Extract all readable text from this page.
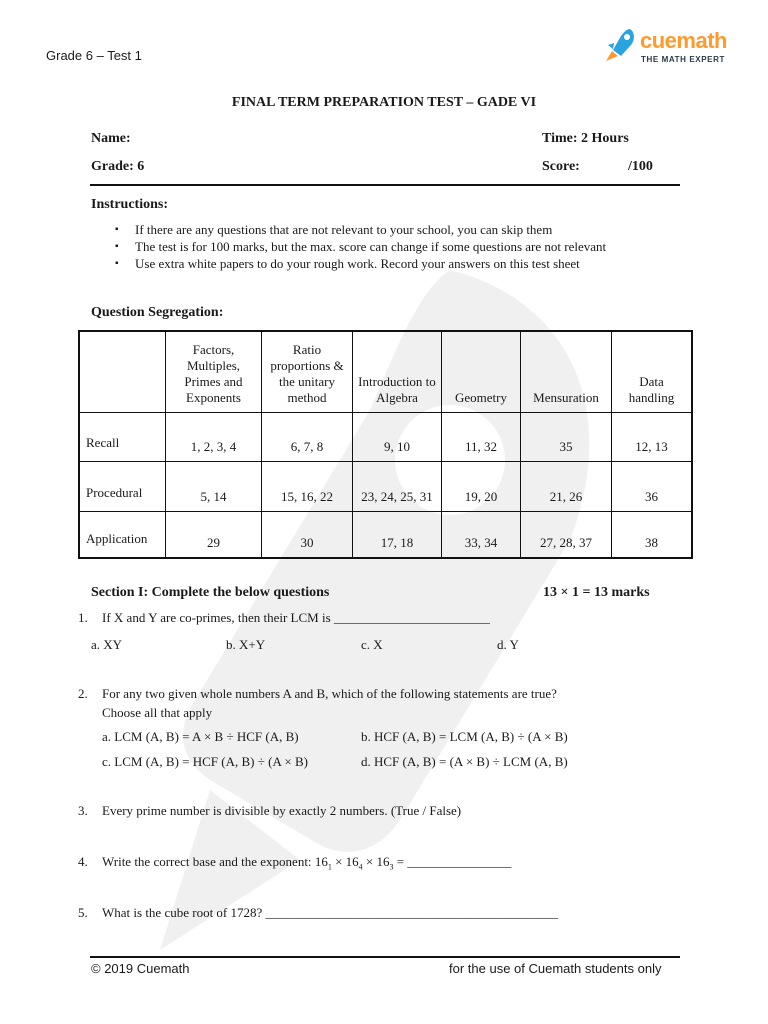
Grade 6 – Test 1
cuemath
THE MATH EXPERT
FINAL TERM PREPARATION TEST – GADE VI
Name:
Grade: 6
Time: 2 Hours
Score:	/100
Instructions:
▪ If there are any questions that are not relevant to your school, you can skip them
▪ The test is for 100 marks, but the max. score can change if some questions are not relevant
▪ Use extra white papers to do your rough work. Record your answers on this test sheet
Question Segregation:
	Factors, Multiples, Primes and Exponents	Ratio proportions & the unitary method	Introduction to Algebra	Geometry	Mensuration	Data handling
Recall	1, 2, 3, 4	6, 7, 8	9, 10	11, 32	35	12, 13
Procedural	5, 14	15, 16, 22	23, 24, 25, 31	19, 20	21, 26	36
Application	29	30	17, 18	33, 34	27, 28, 37	38
Section I: Complete the below questions	13 × 1 = 13 marks
1. If X and Y are co-primes, then their LCM is ________________________
a. XY	b. X+Y	c. X	d. Y
2. For any two given whole numbers A and B, which of the following statements are true?
Choose all that apply
a. LCM (A, B) = A × B ÷ HCF (A, B)	b. HCF (A, B) = LCM (A, B) ÷ (A × B)
c. LCM (A, B) = HCF (A, B) ÷ (A × B)	d. HCF (A, B) = (A × B) ÷ LCM (A, B)
3. Every prime number is divisible by exactly 2 numbers. (True / False)
4. Write the correct base and the exponent: $16_1 \times 16_4 \times 16_3$ = ________________
5. What is the cube root of 1728? _____________________________________________
© 2019 Cuemath	for the use of Cuemath students only
